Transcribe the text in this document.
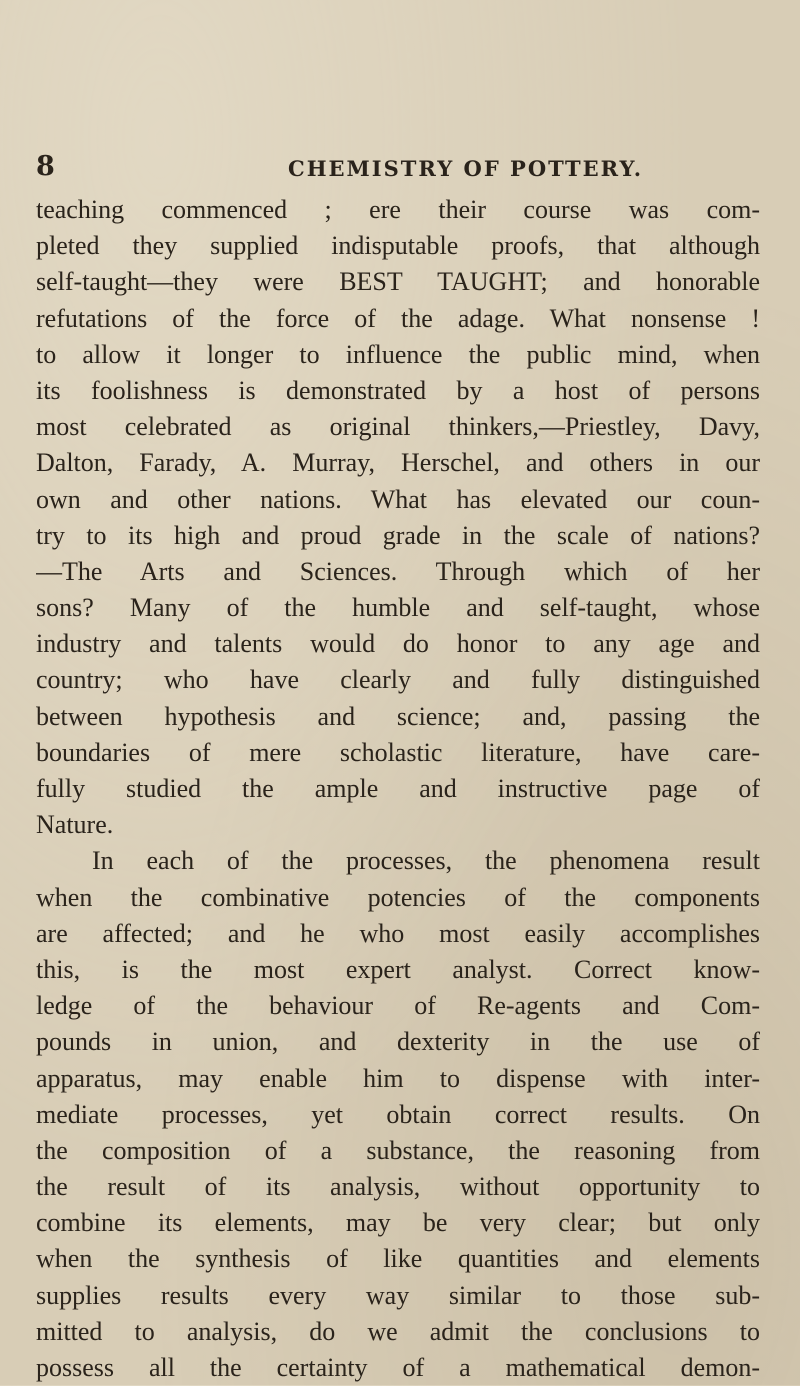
8	CHEMISTRY OF POTTERY.
teaching commenced ; ere their course was com-
pleted they supplied indisputable proofs, that although
self-taught—they were BEST TAUGHT; and honorable
refutations of the force of the adage. What nonsense !
to allow it longer to influence the public mind, when
its foolishness is demonstrated by a host of persons
most celebrated as original thinkers,—Priestley, Davy,
Dalton, Farady, A. Murray, Herschel, and others in our
own and other nations. What has elevated our coun-
try to its high and proud grade in the scale of nations?
—The Arts and Sciences. Through which of her
sons? Many of the humble and self-taught, whose
industry and talents would do honor to any age and
country; who have clearly and fully distinguished
between hypothesis and science; and, passing the
boundaries of mere scholastic literature, have care-
fully studied the ample and instructive page of
Nature.
In each of the processes, the phenomena result
when the combinative potencies of the components
are affected; and he who most easily accomplishes
this, is the most expert analyst. Correct know-
ledge of the behaviour of Re-agents and Com-
pounds in union, and dexterity in the use of
apparatus, may enable him to dispense with inter-
mediate processes, yet obtain correct results. On
the composition of a substance, the reasoning from
the result of its analysis, without opportunity to
combine its elements, may be very clear; but only
when the synthesis of like quantities and elements
supplies results every way similar to those sub-
mitted to analysis, do we admit the conclusions to
possess all the certainty of a mathematical demon-
